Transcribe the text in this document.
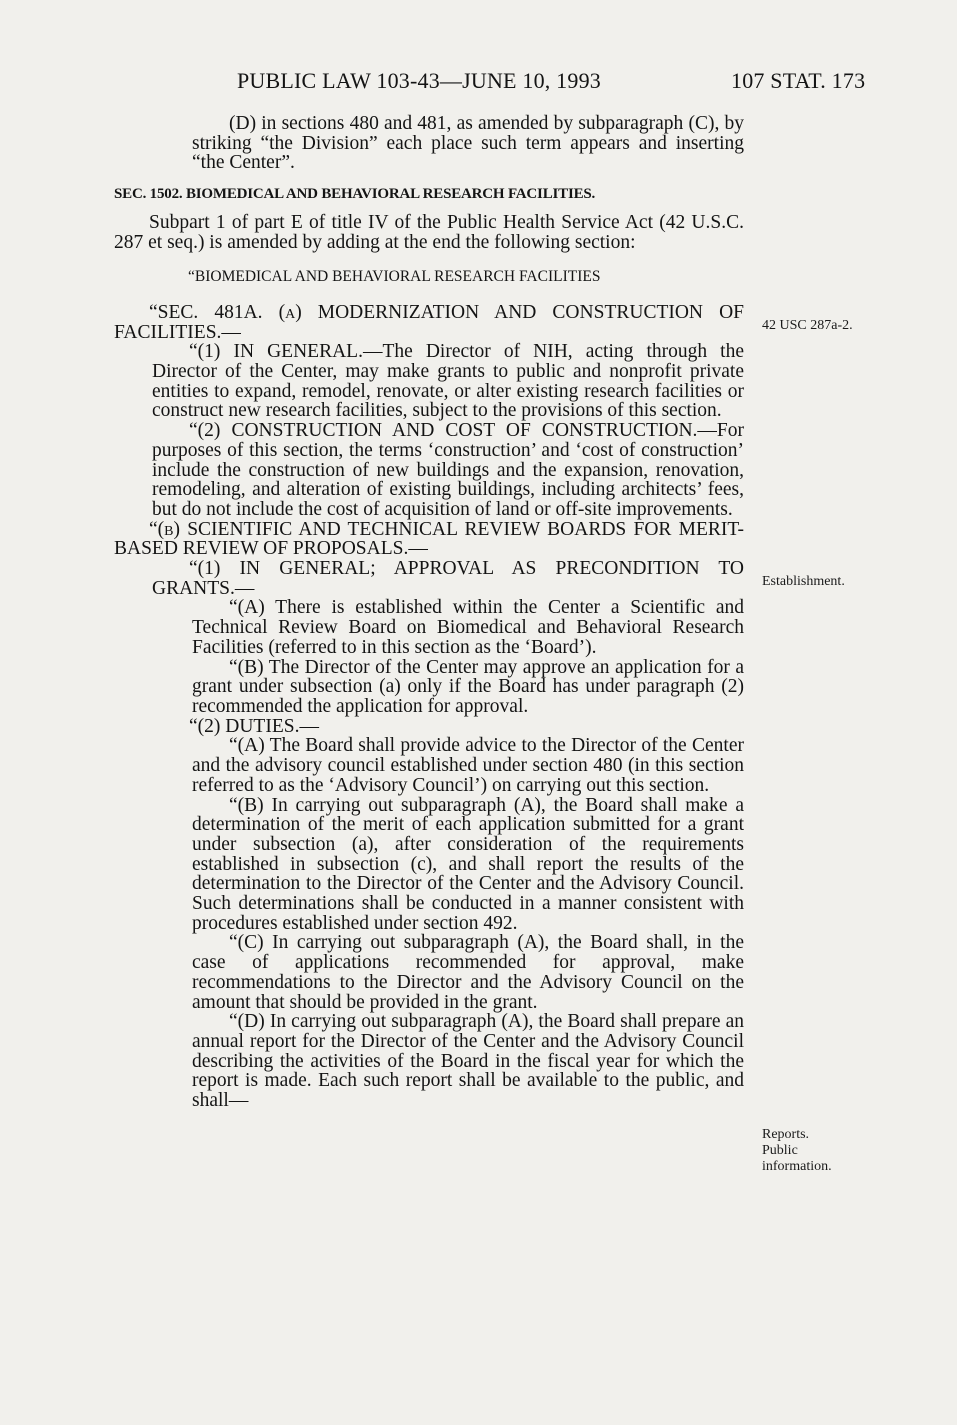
PUBLIC LAW 103-43—JUNE 10, 1993	107 STAT. 173
42 USC 287a-2.
Establishment.
Reports.
Public
information.

(D) in sections 480 and 481, as amended by subparagraph (C), by striking “the Division” each place such term appears and inserting “the Center”.

SEC. 1502. BIOMEDICAL AND BEHAVIORAL RESEARCH FACILITIES.

Subpart 1 of part E of title IV of the Public Health Service Act (42 U.S.C. 287 et seq.) is amended by adding at the end the following section:

“BIOMEDICAL AND BEHAVIORAL RESEARCH FACILITIES

“SEC. 481A. (a) MODERNIZATION AND CONSTRUCTION OF FACILITIES.—

“(1) IN GENERAL.—The Director of NIH, acting through the Director of the Center, may make grants to public and nonprofit private entities to expand, remodel, renovate, or alter existing research facilities or construct new research facilities, subject to the provisions of this section.

“(2) CONSTRUCTION AND COST OF CONSTRUCTION.—For purposes of this section, the terms ‘construction’ and ‘cost of construction’ include the construction of new buildings and the expansion, renovation, remodeling, and alteration of existing buildings, including architects’ fees, but do not include the cost of acquisition of land or off-site improvements.

“(b) SCIENTIFIC AND TECHNICAL REVIEW BOARDS FOR MERIT-BASED REVIEW OF PROPOSALS.—

“(1) IN GENERAL; APPROVAL AS PRECONDITION TO GRANTS.—

“(A) There is established within the Center a Scientific and Technical Review Board on Biomedical and Behavioral Research Facilities (referred to in this section as the ‘Board’).

“(B) The Director of the Center may approve an application for a grant under subsection (a) only if the Board has under paragraph (2) recommended the application for approval.

“(2) DUTIES.—

“(A) The Board shall provide advice to the Director of the Center and the advisory council established under section 480 (in this section referred to as the ‘Advisory Council’) on carrying out this section.

“(B) In carrying out subparagraph (A), the Board shall make a determination of the merit of each application submitted for a grant under subsection (a), after consideration of the requirements established in subsection (c), and shall report the results of the determination to the Director of the Center and the Advisory Council. Such determinations shall be conducted in a manner consistent with procedures established under section 492.

“(C) In carrying out subparagraph (A), the Board shall, in the case of applications recommended for approval, make recommendations to the Director and the Advisory Council on the amount that should be provided in the grant.

“(D) In carrying out subparagraph (A), the Board shall prepare an annual report for the Director of the Center and the Advisory Council describing the activities of the Board in the fiscal year for which the report is made. Each such report shall be available to the public, and shall—
